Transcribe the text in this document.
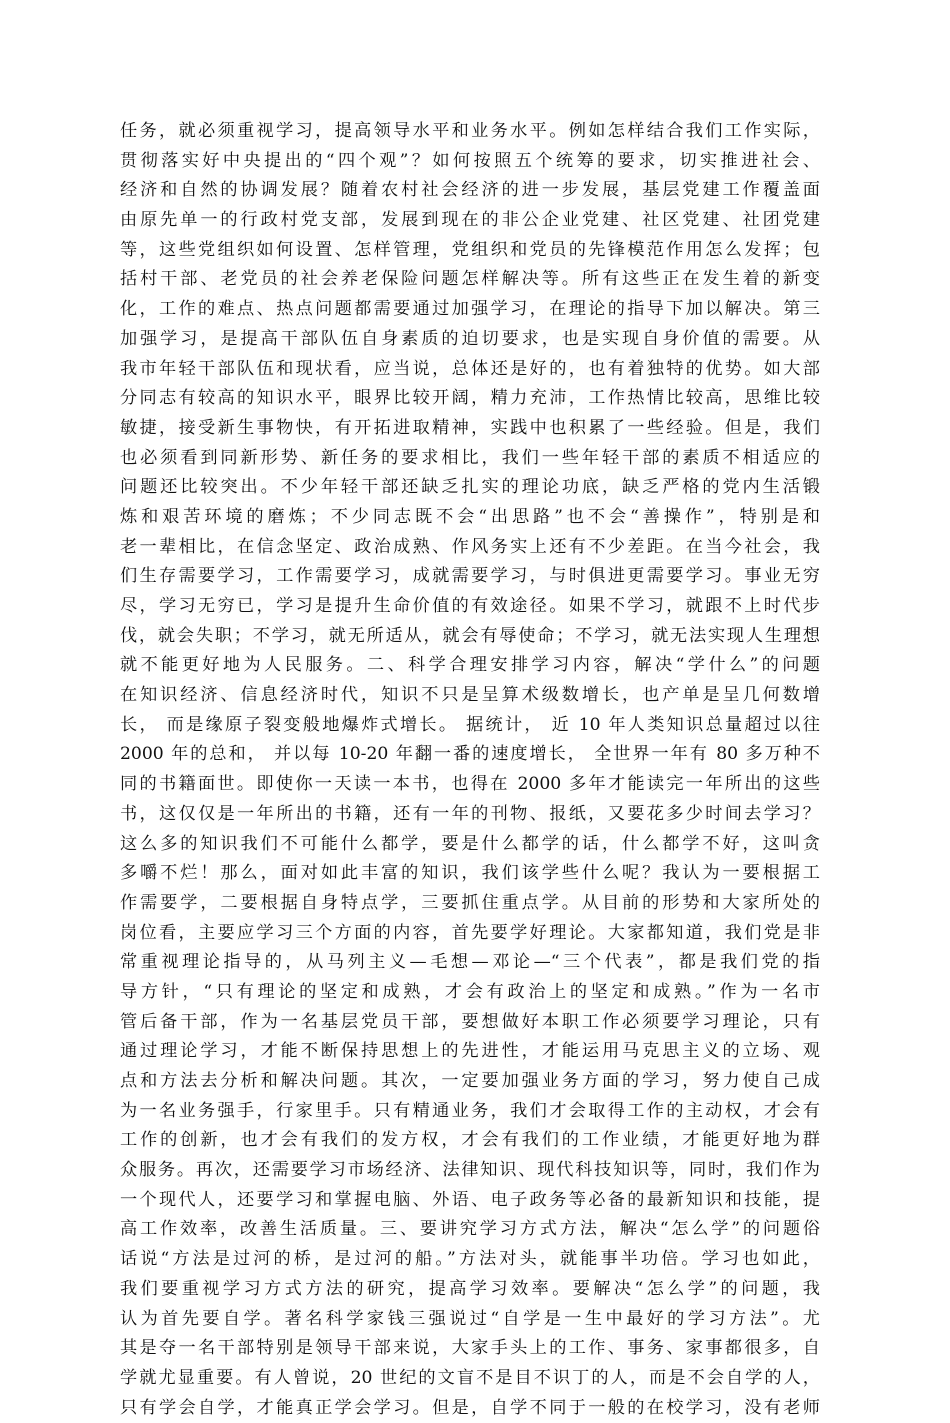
任务，就必须重视学习，提高领导水平和业务水平。例如怎样结合我们工作实际，
贯彻落实好中央提出的“四个观”？如何按照五个统筹的要求，切实推进社会、
经济和自然的协调发展？随着农村社会经济的进一步发展，基层党建工作覆盖面
由原先单一的行政村党支部，发展到现在的非公企业党建、社区党建、社团党建
等，这些党组织如何设置、怎样管理，党组织和党员的先锋模范作用怎么发挥；包
括村干部、老党员的社会养老保险问题怎样解决等。所有这些正在发生着的新变
化，工作的难点、热点问题都需要通过加强学习，在理论的指导下加以解决。第三
加强学习，是提高干部队伍自身素质的迫切要求，也是实现自身价值的需要。从
我市年轻干部队伍和现状看，应当说，总体还是好的，也有着独特的优势。如大部
分同志有较高的知识水平，眼界比较开阔，精力充沛，工作热情比较高，思维比较
敏捷，接受新生事物快，有开拓进取精神，实践中也积累了一些经验。但是，我们
也必须看到同新形势、新任务的要求相比，我们一些年轻干部的素质不相适应的
问题还比较突出。不少年轻干部还缺乏扎实的理论功底，缺乏严格的党内生活锻
炼和艰苦环境的磨炼；不少同志既不会“出思路”也不会“善操作”，特别是和
老一辈相比，在信念坚定、政治成熟、作风务实上还有不少差距。在当今社会，我
们生存需要学习，工作需要学习，成就需要学习，与时俱进更需要学习。事业无穷
尽，学习无穷已，学习是提升生命价值的有效途径。如果不学习，就跟不上时代步
伐，就会失职；不学习，就无所适从，就会有辱使命；不学习，就无法实现人生理想
就不能更好地为人民服务。二、科学合理安排学习内容，解决“学什么”的问题
在知识经济、信息经济时代，知识不只是呈算术级数增长，也产单是呈几何数增
长， 而是缘原子裂变般地爆炸式增长。 据统计， 近 10 年人类知识总量超过以往
2000 年的总和， 并以每 10-20 年翻一番的速度增长， 全世界一年有 80 多万种不
同的书籍面世。即使你一天读一本书，也得在 2000 多年才能读完一年所出的这些
书，这仅仅是一年所出的书籍，还有一年的刊物、报纸，又要花多少时间去学习？
这么多的知识我们不可能什么都学，要是什么都学的话，什么都学不好，这叫贪
多嚼不烂！那么，面对如此丰富的知识，我们该学些什么呢？我认为一要根据工
作需要学，二要根据自身特点学，三要抓住重点学。从目前的形势和大家所处的
岗位看，主要应学习三个方面的内容，首先要学好理论。大家都知道，我们党是非
常重视理论指导的，从马列主义—毛想—邓论—“三个代表”，都是我们党的指
导方针，“只有理论的坚定和成熟，才会有政治上的坚定和成熟。”作为一名市
管后备干部，作为一名基层党员干部，要想做好本职工作必须要学习理论，只有
通过理论学习，才能不断保持思想上的先进性，才能运用马克思主义的立场、观
点和方法去分析和解决问题。其次，一定要加强业务方面的学习，努力使自己成
为一名业务强手，行家里手。只有精通业务，我们才会取得工作的主动权，才会有
工作的创新，也才会有我们的发方权，才会有我们的工作业绩，才能更好地为群
众服务。再次，还需要学习市场经济、法律知识、现代科技知识等，同时，我们作为
一个现代人，还要学习和掌握电脑、外语、电子政务等必备的最新知识和技能，提
高工作效率，改善生活质量。三、要讲究学习方式方法，解决“怎么学”的问题俗
话说“方法是过河的桥，是过河的船。”方法对头，就能事半功倍。学习也如此，
我们要重视学习方式方法的研究，提高学习效率。要解决“怎么学”的问题，我
认为首先要自学。著名科学家钱三强说过“自学是一生中最好的学习方法”。尤
其是夺一名干部特别是领导干部来说，大家手头上的工作、事务、家事都很多，自
学就尤显重要。有人曾说，20 世纪的文盲不是目不识丁的人，而是不会自学的人，
只有学会自学，才能真正学会学习。但是，自学不同于一般的在校学习，没有老师
